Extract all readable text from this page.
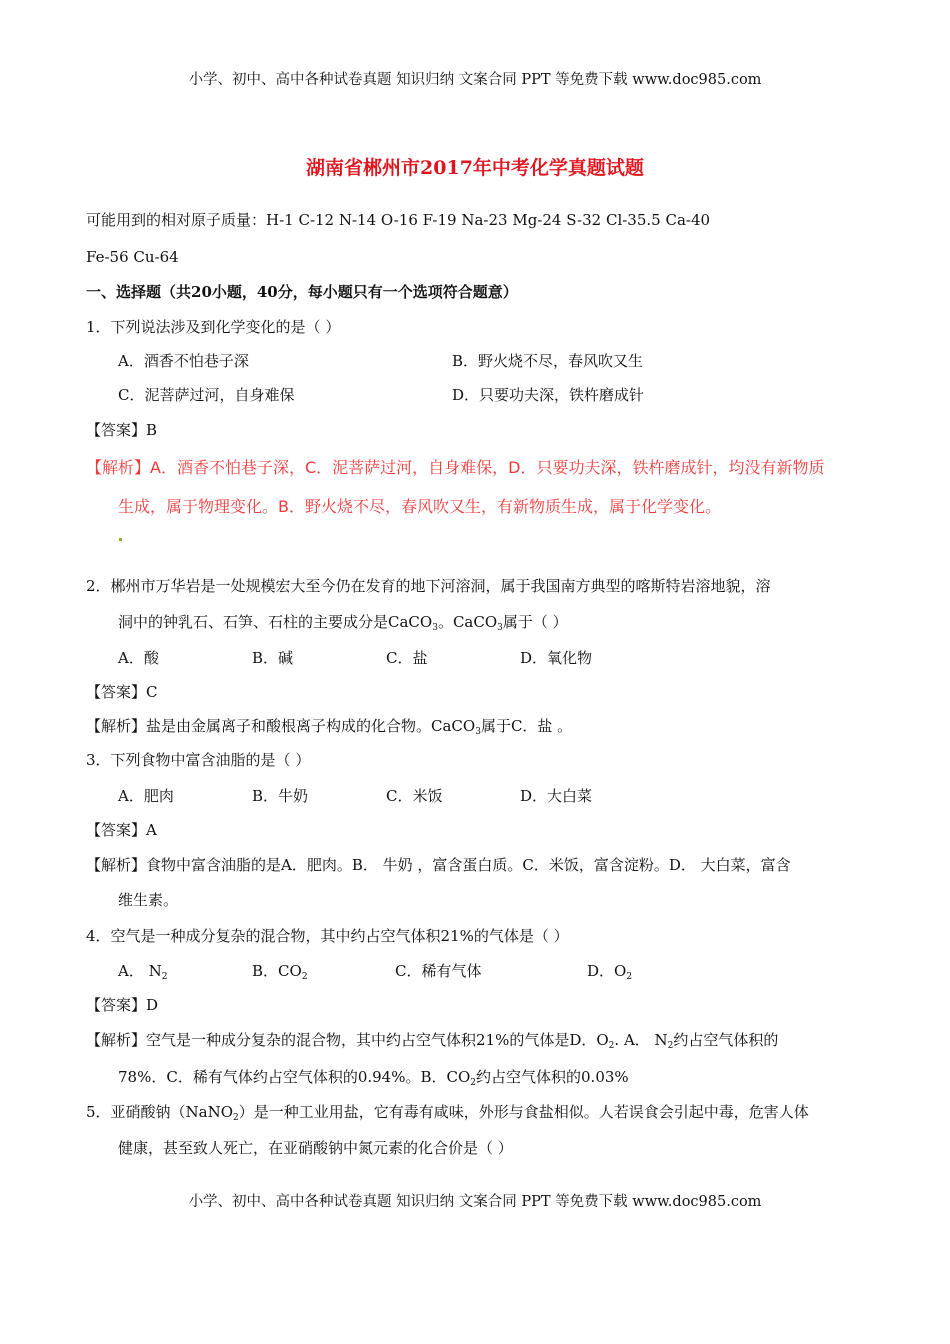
小学、初中、高中各种试卷真题 知识归纳 文案合同 PPT 等免费下载 www.doc985.com
湖南省郴州市2017年中考化学真题试题
可能用到的相对原子质量：H-1 C-12 N-14 O-16 F-19 Na-23 Mg-24 S-32 Cl-35.5 Ca-40
Fe-56 Cu-64
一、选择题（共20小题，40分，每小题只有一个选项符合题意）
1．下列说法涉及到化学变化的是（ ）
A．酒香不怕巷子深	B．野火烧不尽，春风吹又生
C．泥菩萨过河，自身难保	D．只要功夫深，铁杵磨成针
【答案】B
【解析】A．酒香不怕巷子深，C．泥菩萨过河，自身难保，D．只要功夫深，铁杵磨成针，均没有新物质
生成，属于物理变化。B．野火烧不尽，春风吹又生，有新物质生成，属于化学变化。
2．郴州市万华岩是一处规模宏大至今仍在发育的地下河溶洞，属于我国南方典型的喀斯特岩溶地貌，溶
洞中的钟乳石、石笋、石柱的主要成分是CaCO$_3$。CaCO$_3$属于（ ）
A．酸	B．碱	C．盐	D．氧化物
【答案】C
【解析】盐是由金属离子和酸根离子构成的化合物。CaCO$_3$属于C．盐 。
3．下列食物中富含油脂的是（ ）
A．肥肉	B．牛奶	C．米饭	D．大白菜
【答案】A
【解析】食物中富含油脂的是A．肥肉。B． 牛奶 ，富含蛋白质。C．米饭，富含淀粉。D． 大白菜，富含
维生素。
4．空气是一种成分复杂的混合物，其中约占空气体积21%的气体是（ ）
A． $N_2$	B．$CO_2$	C．稀有气体	D．$O_2$
【答案】D
【解析】空气是一种成分复杂的混合物，其中约占空气体积21%的气体是D．$O_2$. A． $N_2$约占空气体积的
78%．C．稀有气体约占空气体积的0.94%。B．$CO_2$约占空气体积的0.03%
5．亚硝酸钠（NaNO$_2$）是一种工业用盐，它有毒有咸味，外形与食盐相似。人若误食会引起中毒，危害人体
健康，甚至致人死亡，在亚硝酸钠中氮元素的化合价是（ ）
小学、初中、高中各种试卷真题 知识归纳 文案合同 PPT 等免费下载 www.doc985.com
